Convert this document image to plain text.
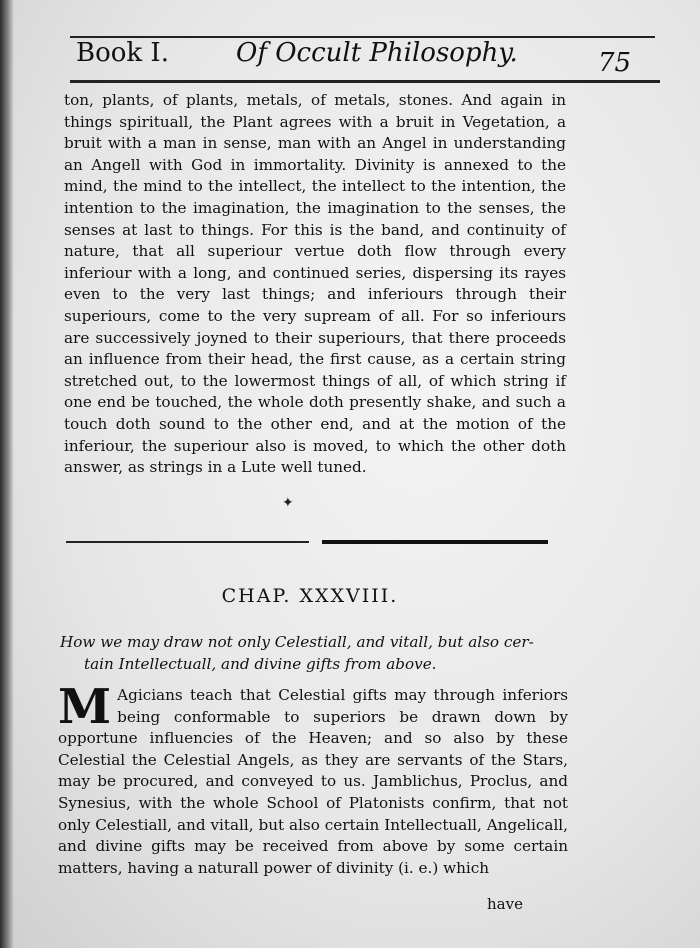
Book I.	Of Occult Philosophy.	75
ton, plants, of plants, metals, of metals, stones. And again in things spirituall, the Plant agrees with a bruit in Vegetation, a bruit with a man in sense, man with an Angel in understanding an Angell with God in immortality. Divinity is annexed to the mind, the mind to the intellect, the intellect to the intention, the intention to the imagination, the imagination to the senses, the senses at last to things. For this is the band, and continuity of nature, that all superiour vertue doth flow through every inferiour with a long, and continued series, dispersing its rayes even to the very last things; and inferiours through their superiours, come to the very supream of all. For so inferiours are successively joyned to their superiours, that there proceeds an influence from their head, the first cause, as a certain string stretched out, to the lowermost things of all, of which string if one end be touched, the whole doth presently shake, and such a touch doth sound to the other end, and at the motion of the inferiour, the superiour also is moved, to which the other doth answer, as strings in a Lute well tuned.
✦
CHAP. XXXVIII.
How we may draw not only Celestiall, and vitall, but also cer-
tain Intellectuall, and divine gifts from above.
M Agicians teach that Celestial gifts may through inferiors being conformable to superiors be drawn down by opportune influencies of the Heaven; and so also by these Celestial the Celestial Angels, as they are servants of the Stars, may be procured, and conveyed to us. Jamblichus, Proclus, and Synesius, with the whole School of Platonists confirm, that not only Celestiall, and vitall, but also certain Intellectuall, Angelicall, and divine gifts may be received from above by some certain matters, having a naturall power of divinity (i. e.) which
have
